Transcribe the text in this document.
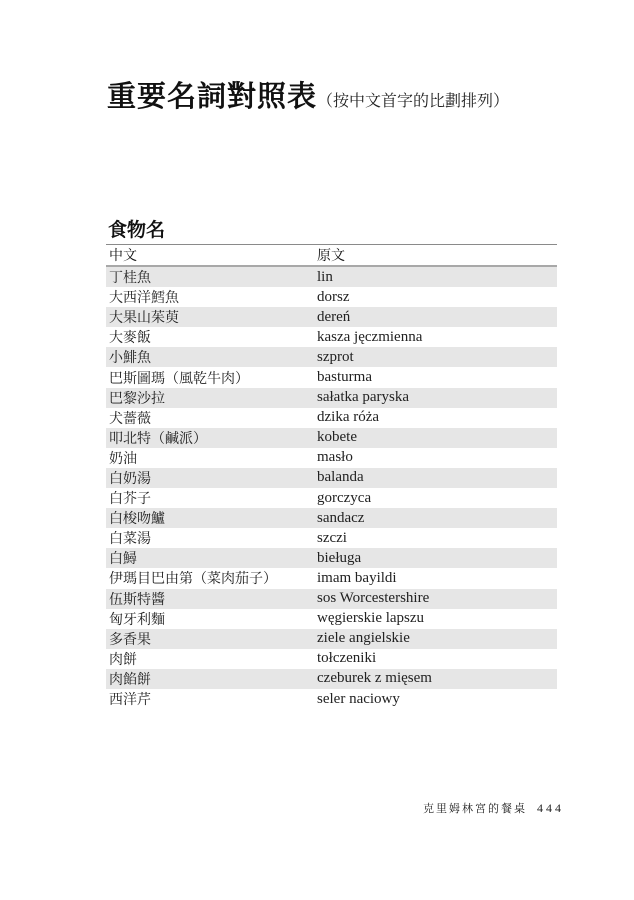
重要名詞對照表（按中文首字的比劃排列）
食物名
中文	原文
丁桂魚	lin
大西洋鱈魚	dorsz
大果山茱萸	dereń
大麥飯	kasza jęczmienna
小鯡魚	szprot
巴斯圖瑪（風乾牛肉）	basturma
巴黎沙拉	sałatka paryska
犬薔薇	dzika róża
叩北特（鹹派）	kobete
奶油	masło
白奶湯	balanda
白芥子	gorczyca
白梭吻鱸	sandacz
白菜湯	szczi
白鱘	bieługa
伊瑪目巴由第（菜肉茄子）	imam bayildi
伍斯特醬	sos Worcestershire
匈牙利麵	węgierskie lapszu
多香果	ziele angielskie
肉餅	tołczeniki
肉餡餅	czeburek z mięsem
西洋芹	seler naciowy
克里姆林宮的餐桌 444
